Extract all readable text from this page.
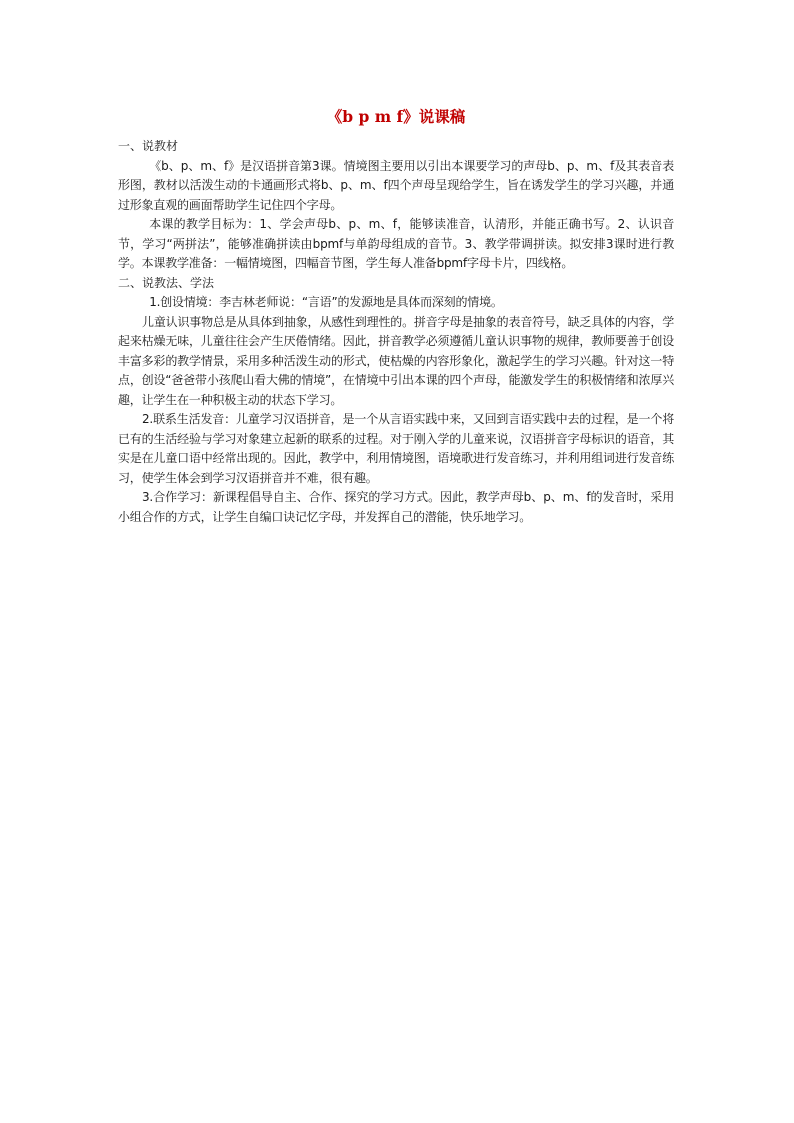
《b p m f》说课稿

一、说教材

《b、p、m、f》是汉语拼音第3课。情境图主要用以引出本课要学习的声母b、p、m、f及其表音表形图，教材以活泼生动的卡通画形式将b、p、m、f四个声母呈现给学生，旨在诱发学生的学习兴趣，并通过形象直观的画面帮助学生记住四个字母。

本课的教学目标为：1、学会声母b、p、m、f，能够读准音，认清形，并能正确书写。2、认识音节，学习“两拼法”，能够准确拼读由bpmf与单韵母组成的音节。3、教学带调拼读。拟安排3课时进行教学。本课教学准备：一幅情境图，四幅音节图，学生每人准备bpmf字母卡片，四线格。

二、说教法、学法

1.创设情境：李吉林老师说：“言语”的发源地是具体而深刻的情境。

儿童认识事物总是从具体到抽象，从感性到理性的。拼音字母是抽象的表音符号，缺乏具体的内容，学起来枯燥无味，儿童往往会产生厌倦情绪。因此，拼音教学必须遵循儿童认识事物的规律，教师要善于创设丰富多彩的教学情景，采用多种活泼生动的形式，使枯燥的内容形象化，激起学生的学习兴趣。针对这一特点，创设“爸爸带小孩爬山看大佛的情境”，在情境中引出本课的四个声母，能激发学生的积极情绪和浓厚兴趣，让学生在一种积极主动的状态下学习。

2.联系生活发音：儿童学习汉语拼音，是一个从言语实践中来，又回到言语实践中去的过程，是一个将已有的生活经验与学习对象建立起新的联系的过程。对于刚入学的儿童来说，汉语拼音字母标识的语音，其实是在儿童口语中经常出现的。因此，教学中，利用情境图，语境歌进行发音练习，并利用组词进行发音练习，使学生体会到学习汉语拼音并不难，很有趣。

3.合作学习：新课程倡导自主、合作、探究的学习方式。因此，教学声母b、p、m、f的发音时，采用小组合作的方式，让学生自编口诀记忆字母，并发挥自己的潜能，快乐地学习。
